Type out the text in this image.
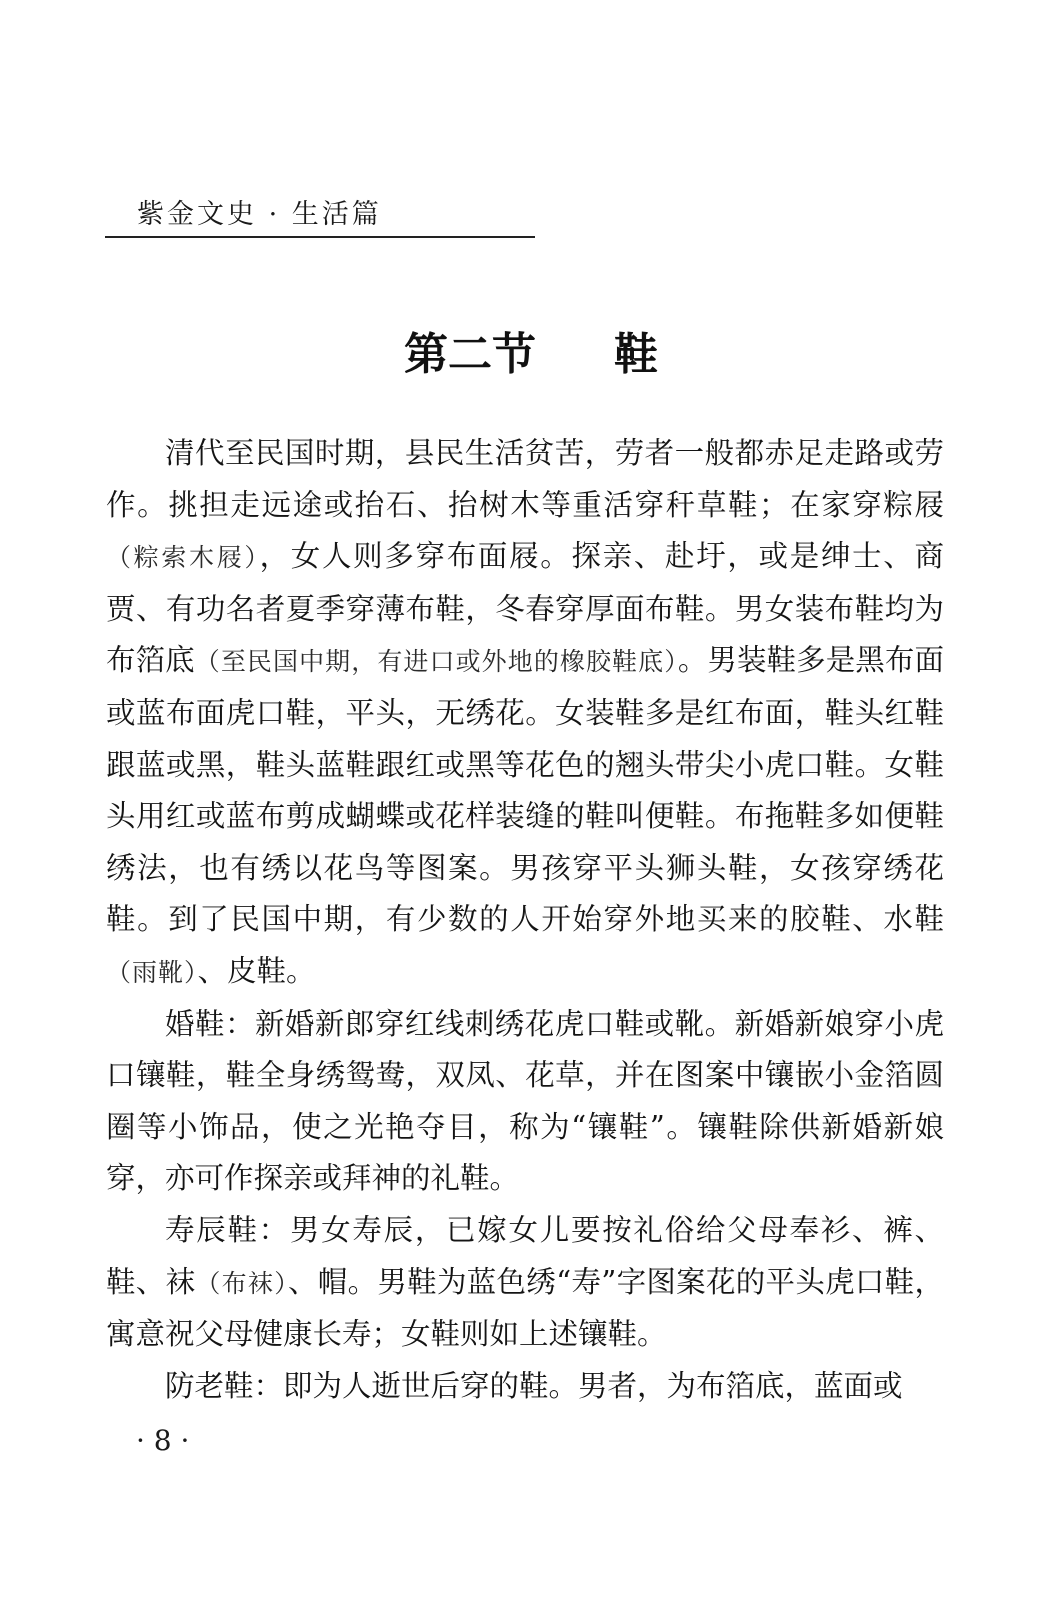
紫金文史 · 生活篇
第二节 鞋

清代至民国时期，县民生活贫苦，劳者一般都赤足走路或劳作。挑担走远途或抬石、抬树木等重活穿秆草鞋；在家穿粽屐（粽索木屐），女人则多穿布面屐。探亲、赴圩，或是绅士、商贾、有功名者夏季穿薄布鞋，冬春穿厚面布鞋。男女装布鞋均为布箔底（至民国中期，有进口或外地的橡胶鞋底）。男装鞋多是黑布面或蓝布面虎口鞋，平头，无绣花。女装鞋多是红布面，鞋头红鞋跟蓝或黑，鞋头蓝鞋跟红或黑等花色的翘头带尖小虎口鞋。女鞋头用红或蓝布剪成蝴蝶或花样装缝的鞋叫便鞋。布拖鞋多如便鞋绣法，也有绣以花鸟等图案。男孩穿平头狮头鞋，女孩穿绣花鞋。到了民国中期，有少数的人开始穿外地买来的胶鞋、水鞋（雨靴）、皮鞋。

婚鞋：新婚新郎穿红线刺绣花虎口鞋或靴。新婚新娘穿小虎口镶鞋，鞋全身绣鸳鸯，双凤、花草，并在图案中镶嵌小金箔圆圈等小饰品，使之光艳夺目，称为“镶鞋”。镶鞋除供新婚新娘穿，亦可作探亲或拜神的礼鞋。

寿辰鞋：男女寿辰，已嫁女儿要按礼俗给父母奉衫、裤、鞋、袜（布袜）、帽。男鞋为蓝色绣“寿”字图案花的平头虎口鞋，寓意祝父母健康长寿；女鞋则如上述镶鞋。

防老鞋：即为人逝世后穿的鞋。男者，为布箔底，蓝面或

· 8 ·
